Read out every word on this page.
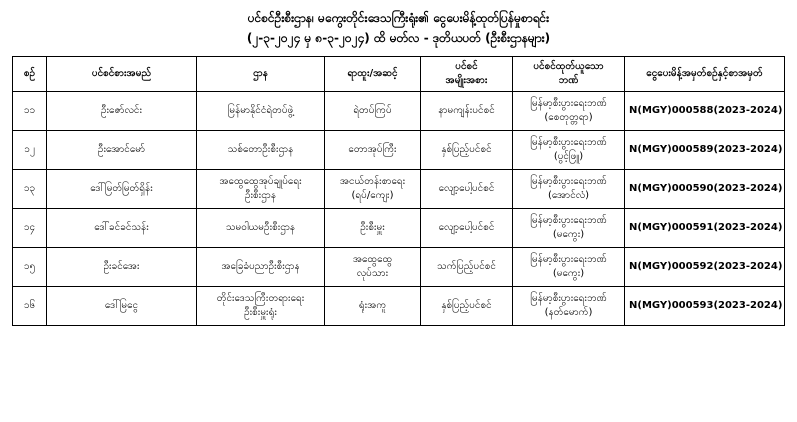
ပင်စင်ဦးစီးဌာန၊ မကွေးတိုင်းဒေသကြီးရုံး၏ ငွေပေးမိန့်ထုတ်ပြန်မှုစာရင်း
(၂-၃-၂၀၂၄ မှ ၈-၃-၂၀၂၄) ထိ မတ်လ - ဒုတိယပတ် (ဦးစီးဌာနများ)
စဉ်	ပင်စင်စားအမည်	ဌာန	ရာထူး/အဆင့်	ပင်စင်
အမျိုးအစား	ပင်စင်ထုတ်ယူသော
ဘဏ်	ငွေပေးမိန့်အမှတ်စဉ်နှင့်စာအမှတ်
၁၁	ဦးဇော်လင်း	မြန်မာနိုင်ငံရဲတပ်ဖွဲ့	ရဲတပ်ကြပ်	နာမကျန်းပင်စင်	မြန်မာ့စီးပွားရေးဘဏ်
(စေတုတ္တရာ)	N(MGY)000588(2023-2024)
၁၂	ဦးအောင်မော်	သစ်တောဦးစီးဌာန	တောအုပ်ကြီး	နှစ်ပြည့်ပင်စင်	မြန်မာ့စီးပွားရေးဘဏ်
(ပွင့်ဖြူ)	N(MGY)000589(2023-2024)
၁၃	ဒေါ်မြတ်မြတ်ရှိန်း	အထွေထွေအုပ်ချုပ်ရေး
ဦးစီးဌာန	အငယ်တန်းစာရေး
(ရပ်/ကျေး)	လျော့ပေါ့ပင်စင်	မြန်မာ့စီးပွားရေးဘဏ်
(အောင်လံ)	N(MGY)000590(2023-2024)
၁၄	ဒေါ်ခင်ခင်သန်း	သမဝါယမဦးစီးဌာန	ဦးစီးမှူး	လျော့ပေါ့ပင်စင်	မြန်မာ့စီးပွားရေးဘဏ်
(မကွေး)	N(MGY)000591(2023-2024)
၁၅	ဦးခင်အေး	အခြေခံပညာဦးစီးဌာန	အထွေထွေ
လုပ်သား	သက်ပြည့်ပင်စင်	မြန်မာ့စီးပွားရေးဘဏ်
(မကွေး)	N(MGY)000592(2023-2024)
၁၆	ဒေါ်မြငွေ	တိုင်းဒေသကြီးတရားရေး
ဦးစီးမှူးရုံး	ရုံးအကူ	နှစ်ပြည့်ပင်စင်	မြန်မာ့စီးပွားရေးဘဏ်
(နတ်မောက်)	N(MGY)000593(2023-2024)
